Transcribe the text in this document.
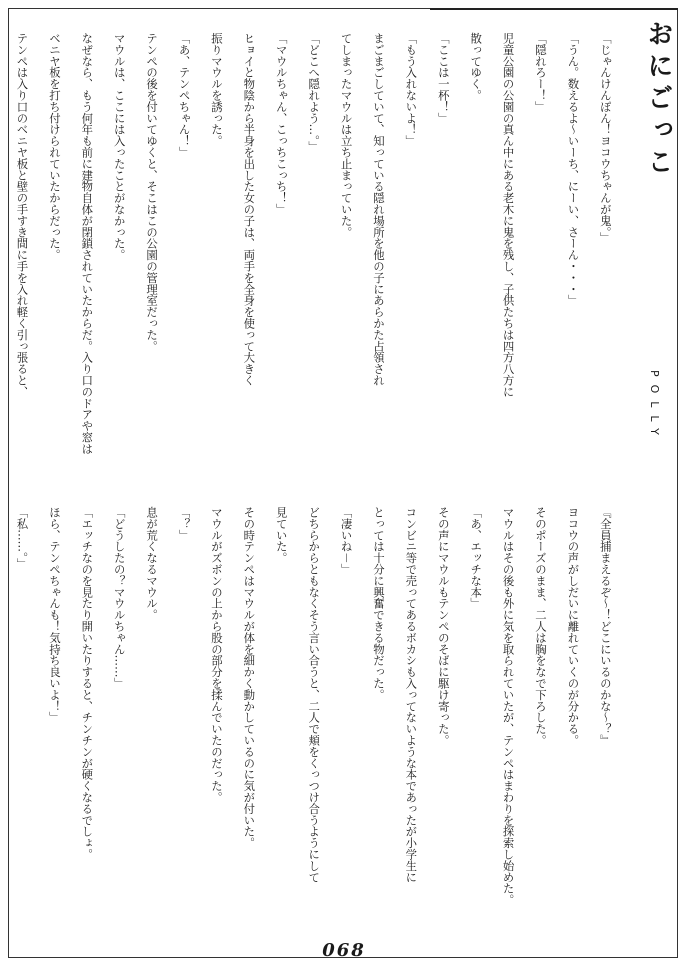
おにごっこ
POLLY

「じゃんけんぽん！ヨコウちゃんが鬼。」

「うん。数えるよ～いーち、にーい、さーん・・・」

「隠れろー！」

児童公園の公園の真ん中にある老木に鬼を残し、子供たちは四方八方に

散ってゆく。

「ここは一杯！」

「もう入れないよ！」

まごまごしていて、知っている隠れ場所を他の子にあらかた占領され

てしまったマウルは立ち止まっていた。

「どこへ隠れよう…。」

「マウルちゃん、こっちこっち！」

ヒョイと物陰から半身を出した女の子は、両手を全身を使って大きく

振りマウルを誘った。

「あ、テンペちゃん！」

テンペの後を付いてゆくと、そこはこの公園の管理室だった。

マウルは、ここには入ったことがなかった。

なぜなら、もう何年も前に建物自体が閉鎖されていたからだ。入り口のドアや窓は

ベニヤ板を打ち付けられていたからだった。

テンペは入り口のベニヤ板と壁の手すき間に手を入れ軽く引っ張ると、

『全員捕まえるぞ～！どこにいるのかな～？』

ヨコウの声がしだいに離れていくのが分かる。

そのポーズのまま、二人は胸をなで下ろした。

マウルはその後も外に気を取られていたが、テンペはまわりを探索し始めた。

「あ、エッチな本」

その声にマウルもテンペのそばに駆け寄った。

コンビニ等で売ってあるボカシも入ってないような本であったが小学生に

とっては十分に興奮できる物だった。

「凄いね－」

どちらからともなくそう言い合うと、二人で頬をくっつけ合うようにして

見ていた。

その時テンペはマウルが体を細かく動かしているのに気が付いた。

マウルがズボンの上から股の部分を揉んでいたのだった。

「？」

息が荒くなるマウル。

「どうしたの？マウルちゃん……」

「エッチなのを見たり開いたりすると、チンチンが硬くなるでしょ。

ほら、テンペちゃんも！気持ち良いよ！」

「私……。」

068
